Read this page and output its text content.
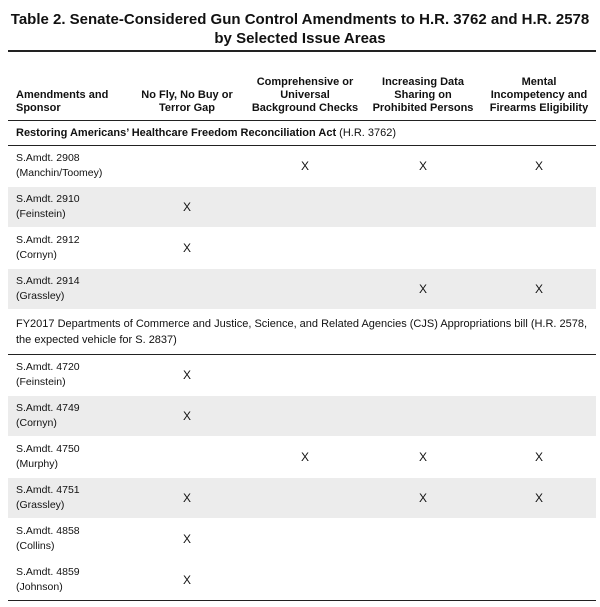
Table 2. Senate-Considered Gun Control Amendments to H.R. 3762 and H.R. 2578
by Selected Issue Areas
Amendments and Sponsor	No Fly, No Buy or Terror Gap	Comprehensive or Universal Background Checks	Increasing Data Sharing on Prohibited Persons	Mental Incompetency and Firearms Eligibility
Restoring Americans’ Healthcare Freedom Reconciliation Act (H.R. 3762)				

S.Amdt. 2908
(Manchin/Toomey)		X	X	X

S.Amdt. 2910
(Feinstein)	X			

S.Amdt. 2912
(Cornyn)	X			

S.Amdt. 2914
(Grassley)			X	X
FY2017 Departments of Commerce and Justice, Science, and Related Agencies (CJS) Appropriations bill (H.R. 2578, the expected vehicle for S. 2837)				

S.Amdt. 4720
(Feinstein)	X			

S.Amdt. 4749
(Cornyn)	X			

S.Amdt. 4750
(Murphy)		X	X	X

S.Amdt. 4751
(Grassley)	X		X	X

S.Amdt. 4858
(Collins)	X			

S.Amdt. 4859
(Johnson)	X			
